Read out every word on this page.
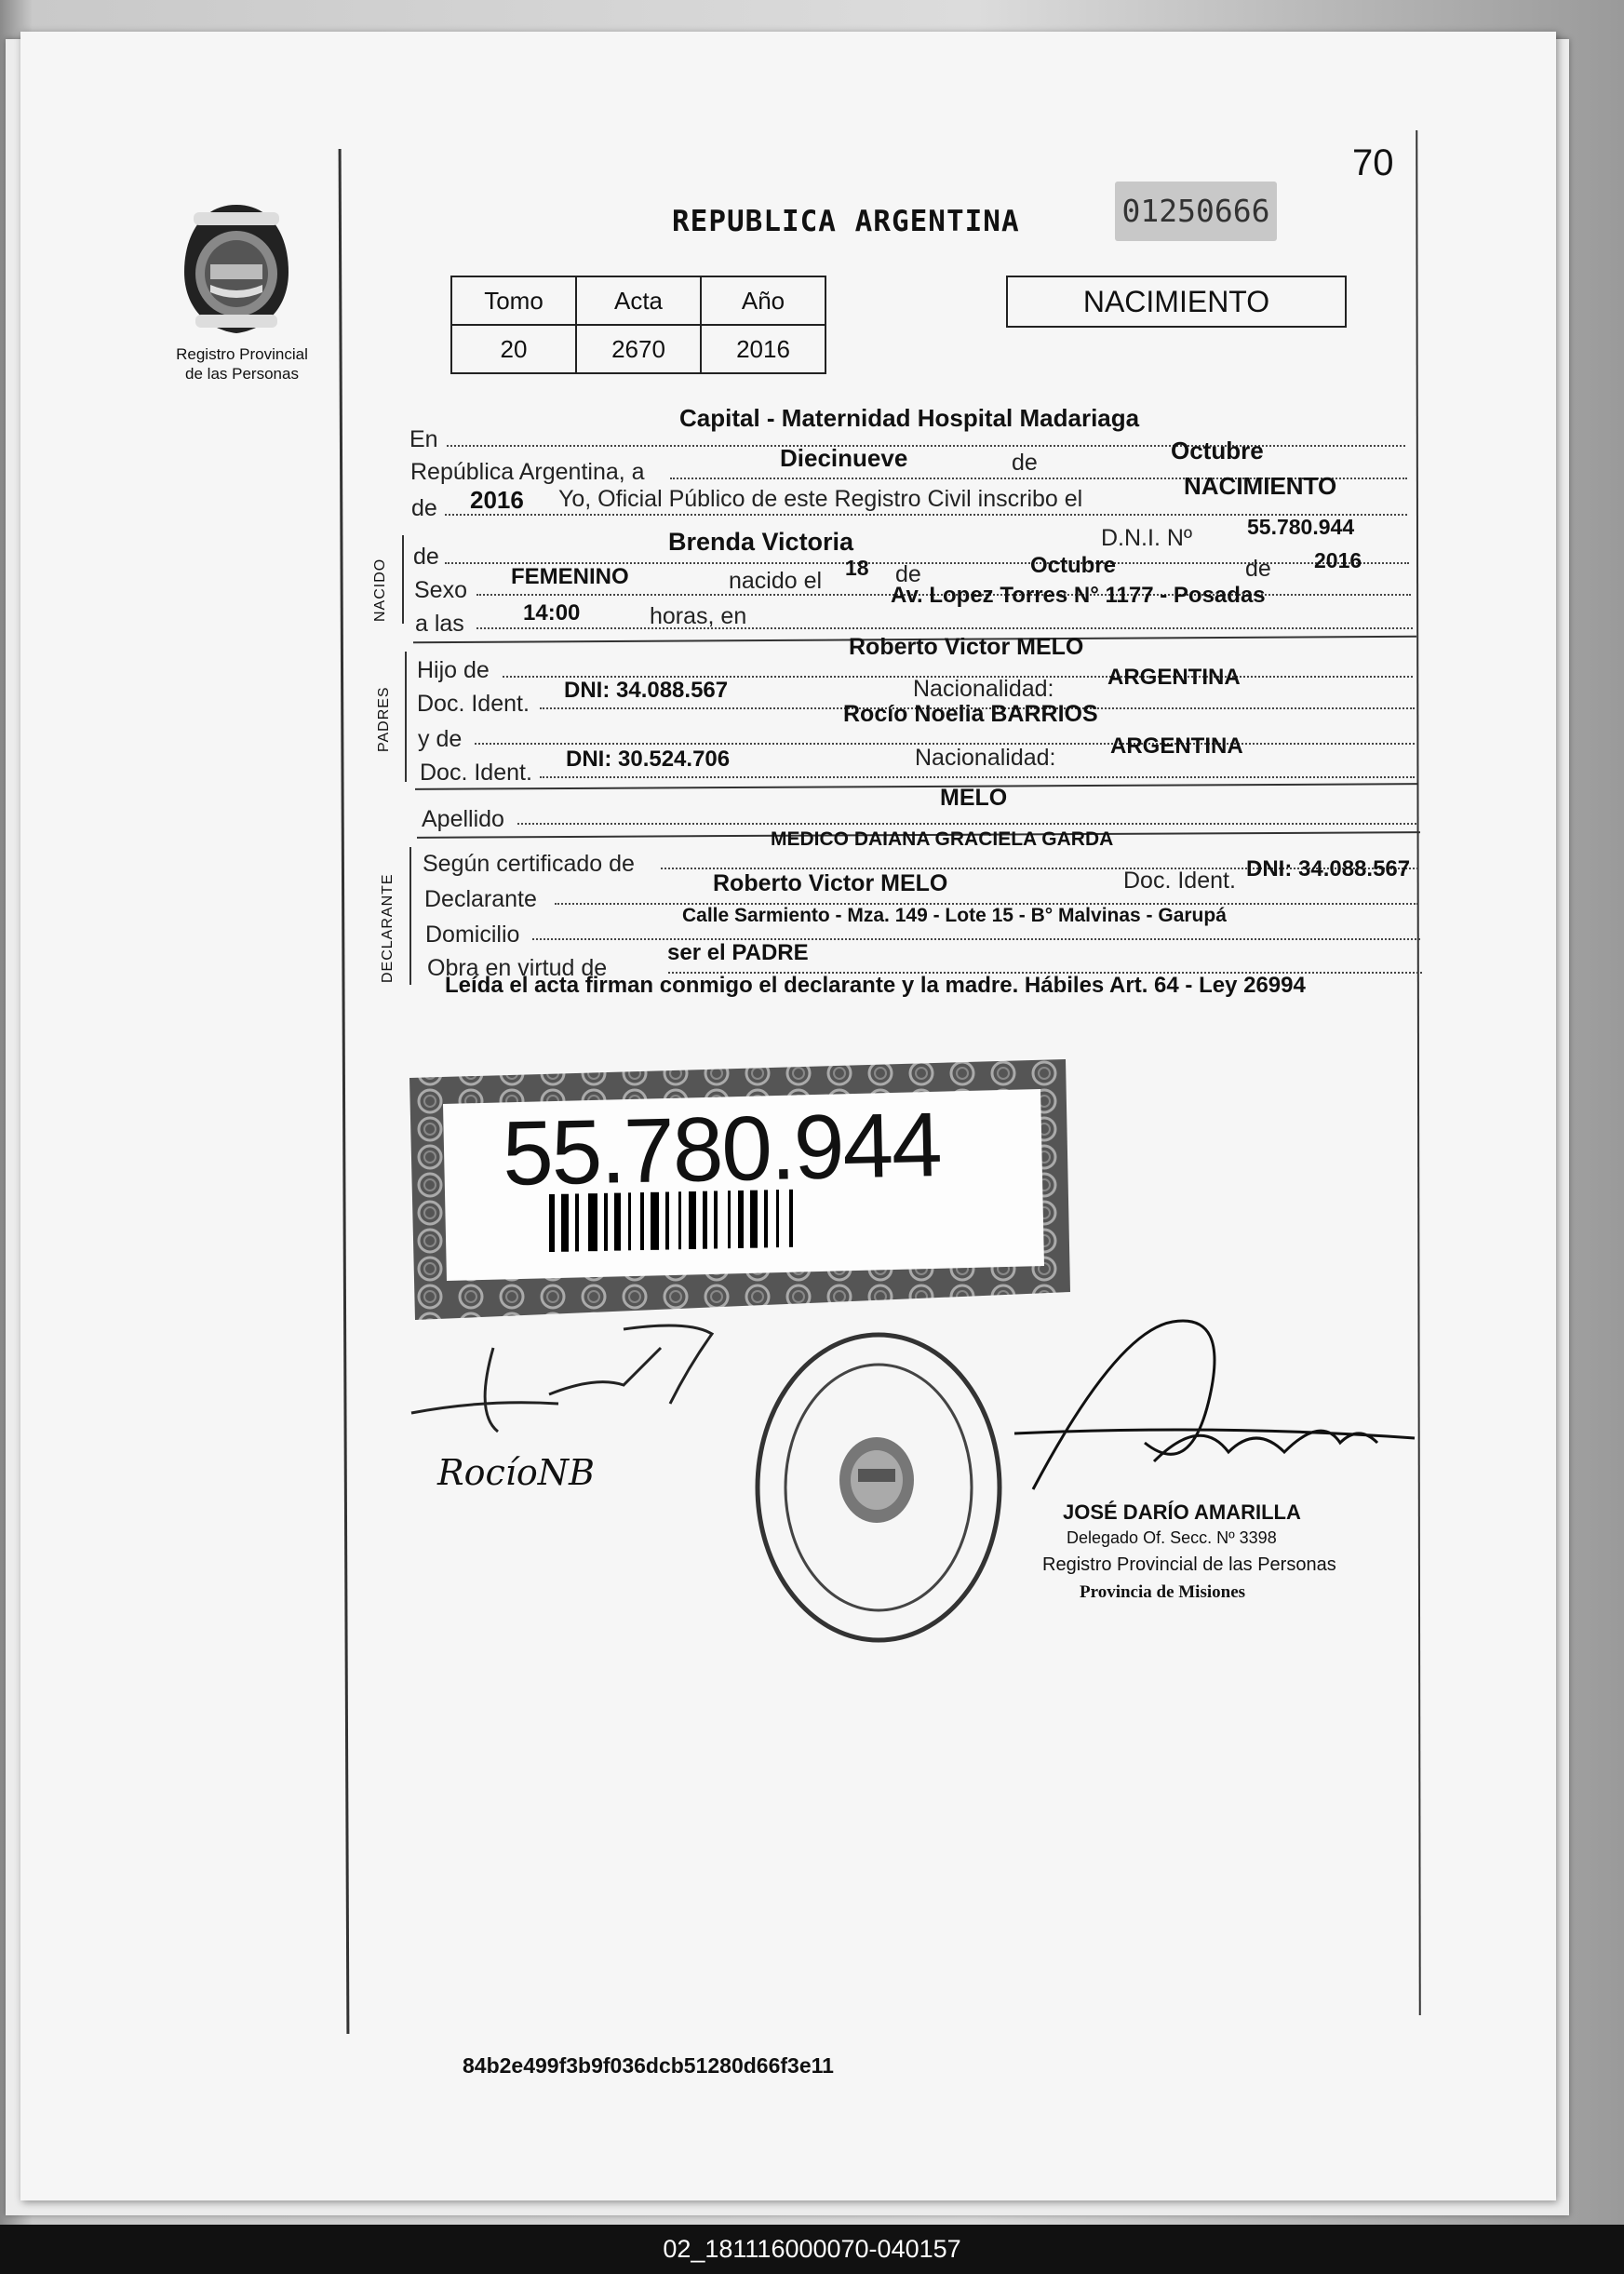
70
REPUBLICA ARGENTINA	01250666
Tomo	Acta	Año
20	2670	2016
NACIMIENTO
Registro Provincial
de las Personas
En
Capital - Maternidad Hospital Madariaga
República Argentina, a	Diecinueve	de	Octubre
de 2016 Yo, Oficial Público de este Registro Civil inscribo el	NACIMIENTO
NACIDO
de
Brenda Victoria	D.N.I. Nº	55.780.944
Sexo
FEMENINO	nacido el 18 de	Octubre	de 2016
a las	14:00	horas, en
Av. Lopez Torres N° 1177 - Posadas
PADRES
Hijo de
Roberto Victor MELO
Doc. Ident.
DNI: 34.088.567	Nacionalidad: ARGENTINA
y de
Rocío Noelia BARRIOS
Doc. Ident.
DNI: 30.524.706	Nacionalidad: ARGENTINA
Apellido
MELO
DECLARANTE
Según certificado de
MEDICO DAIANA GRACIELA GARDA
Declarante
Roberto Victor MELO	Doc. Ident. DNI: 34.088.567
Domicilio
Calle Sarmiento - Mza. 149 - Lote 15 - B° Malvinas - Garupá
Obra en virtud de
ser el PADRE
Leída el acta firman conmigo el declarante y la madre. Hábiles Art. 64 - Ley 26994
55.780.944
RocíoNB
JOSÉ DARÍO AMARILLA
Delegado Of. Secc. Nº 3398
Registro Provincial de las Personas
Provincia de Misiones
84b2e499f3b9f036dcb51280d66f3e11
02_181116000070-040157
